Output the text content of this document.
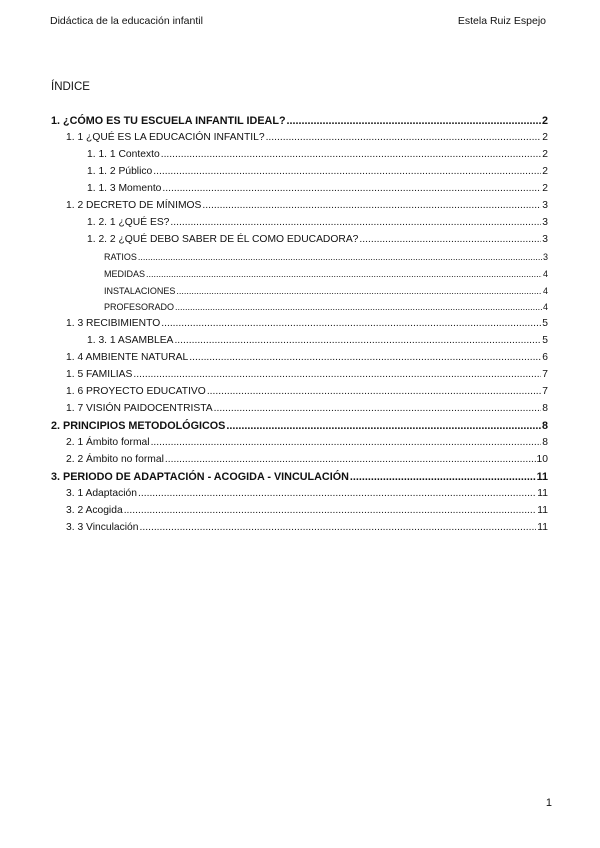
Didáctica de la educación infantil	Estela Ruiz Espejo
ÍNDICE
1. ¿CÓMO ES TU ESCUELA INFANTIL IDEAL? .....	2
1. 1 ¿QUÉ ES LA EDUCACIÓN INFANTIL? .....	2
1. 1. 1 Contexto .....	2
1. 1. 2 Público .....	2
1. 1. 3 Momento .....	2
1. 2 DECRETO DE MÍNIMOS .....	3
1. 2. 1 ¿QUÉ ES? .....	3
1. 2. 2 ¿QUÉ DEBO SABER DE ÉL COMO EDUCADORA? .....	3
RATIOS .....	3
MEDIDAS .....	4
INSTALACIONES .....	4
PROFESORADO .....	4
1. 3 RECIBIMIENTO .....	5
1. 3. 1 ASAMBLEA .....	5
1. 4 AMBIENTE NATURAL .....	6
1. 5 FAMILIAS .....	7
1. 6 PROYECTO EDUCATIVO .....	7
1. 7 VISIÓN PAIDOCENTRISTA .....	8
2. PRINCIPIOS METODOLÓGICOS .....	8
2. 1 Ámbito formal .....	8
2. 2 Ámbito no formal .....	10
3. PERIODO DE ADAPTACIÓN - ACOGIDA - VINCULACIÓN .....	11
3. 1 Adaptación .....	11
3. 2 Acogida .....	11
3. 3 Vinculación .....	11
1
